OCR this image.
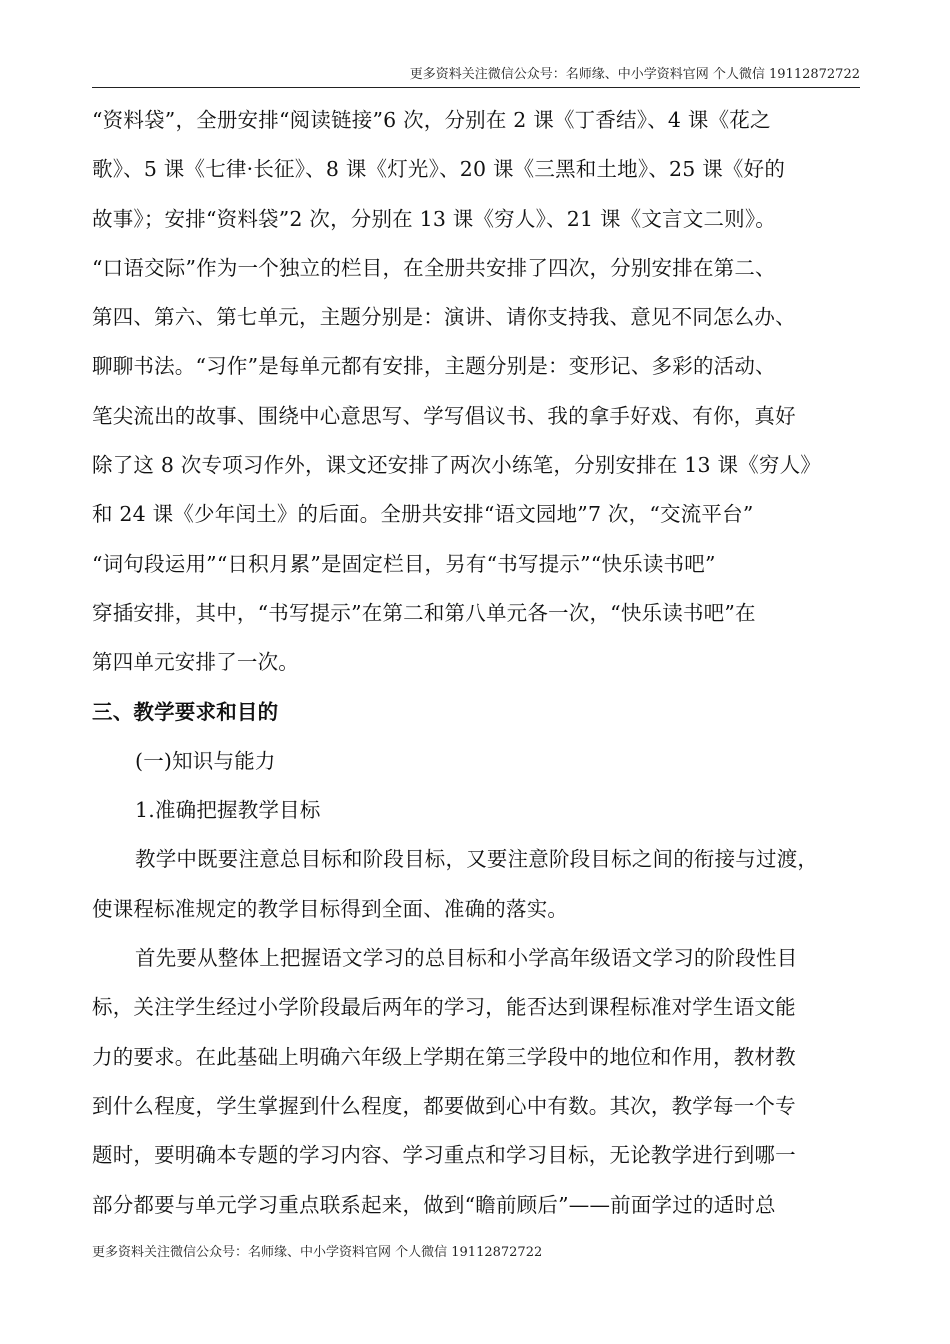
更多资料关注微信公众号：名师缘、中小学资料官网 个人微信 19112872722
“资料袋”，全册安排“阅读链接”6 次，分别在 2 课《丁香结》、4 课《花之
歌》、5 课《七律·长征》、8 课《灯光》、20 课《三黑和土地》、25 课《好的
故事》；安排“资料袋”2 次，分别在 13 课《穷人》、21 课《文言文二则》。
“口语交际”作为一个独立的栏目，在全册共安排了四次，分别安排在第二、
第四、第六、第七单元，主题分别是：演讲、请你支持我、意见不同怎么办、
聊聊书法。“习作”是每单元都有安排，主题分别是：变形记、多彩的活动、
笔尖流出的故事、围绕中心意思写、学写倡议书、我的拿手好戏、有你，真好
除了这 8 次专项习作外，课文还安排了两次小练笔，分别安排在 13 课《穷人》
和 24 课《少年闰土》的后面。全册共安排“语文园地”7 次，“交流平台”
“词句段运用”“日积月累”是固定栏目，另有“书写提示”“快乐读书吧”
穿插安排，其中，“书写提示”在第二和第八单元各一次，“快乐读书吧”在
第四单元安排了一次。
三、教学要求和目的
(一)知识与能力
1.准确把握教学目标
教学中既要注意总目标和阶段目标，又要注意阶段目标之间的衔接与过渡，
使课程标准规定的教学目标得到全面、准确的落实。
首先要从整体上把握语文学习的总目标和小学高年级语文学习的阶段性目
标，关注学生经过小学阶段最后两年的学习，能否达到课程标准对学生语文能
力的要求。在此基础上明确六年级上学期在第三学段中的地位和作用，教材教
到什么程度，学生掌握到什么程度，都要做到心中有数。其次，教学每一个专
题时，要明确本专题的学习内容、学习重点和学习目标，无论教学进行到哪一
部分都要与单元学习重点联系起来，做到“瞻前顾后”——前面学过的适时总
更多资料关注微信公众号：名师缘、中小学资料官网 个人微信 19112872722
